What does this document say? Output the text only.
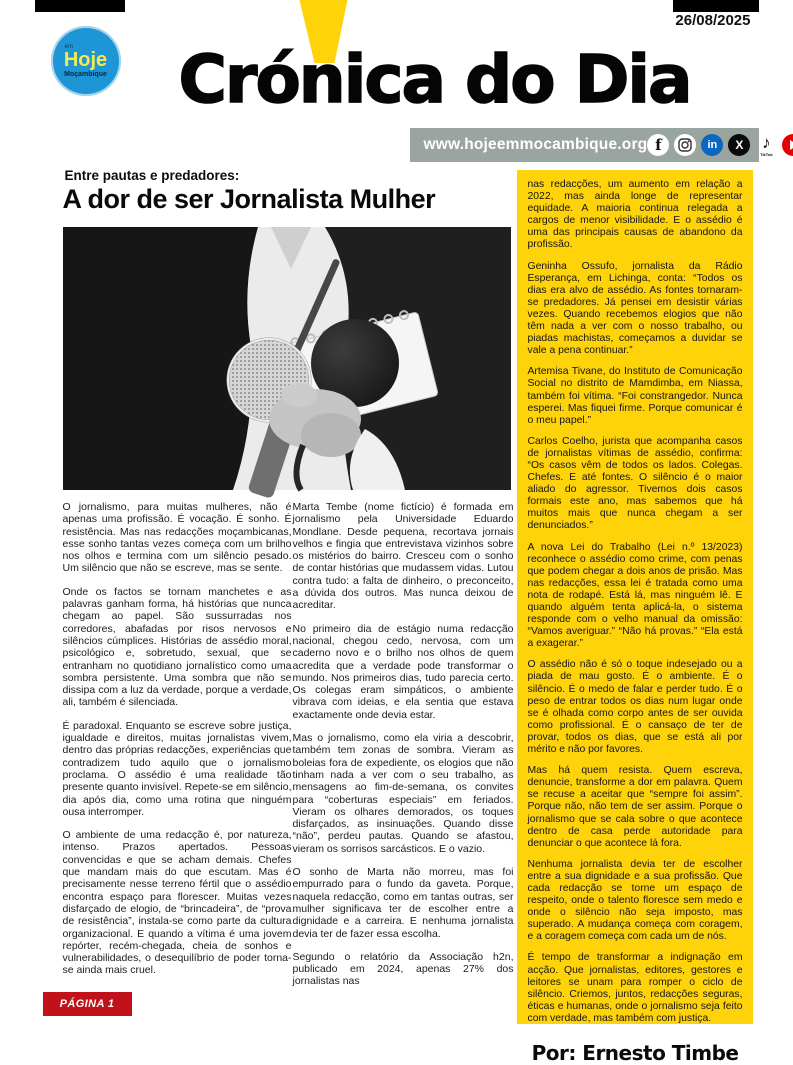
em
Hoje
Moçambique
26/08/2025
Crónica do Dia
www.hojeemmocambique.org f	in	X	♪
TikTok
Entre pautas e predadores:
A dor de ser Jornalista Mulher

O jornalismo, para muitas mulheres, não é apenas uma profissão. É vocação. É sonho. É resistência. Mas nas redacções moçambicanas, esse sonho tantas vezes começa com um brilho nos olhos e termina com um silêncio pesado. Um silêncio que não se escreve, mas se sente.

Onde os factos se tornam manchetes e as palavras ganham forma, há histórias que nunca chegam ao papel. São sussurradas nos corredores, abafadas por risos nervosos e silêncios cúmplices. Histórias de assédio moral, psicológico e, sobretudo, sexual, que se entranham no quotidiano jornalístico como uma sombra persistente. Uma sombra que não se dissipa com a luz da verdade, porque a verdade, ali, também é silenciada.

É paradoxal. Enquanto se escreve sobre justiça, igualdade e direitos, muitas jornalistas vivem, dentro das próprias redacções, experiências que contradizem tudo aquilo que o jornalismo proclama. O assédio é uma realidade tão presente quanto invisível. Repete-se em silêncio, dia após dia, como uma rotina que ninguém ousa interromper.

O ambiente de uma redacção é, por natureza, intenso. Prazos apertados. Pessoas convencidas e que se acham demais. Chefes que mandam mais do que escutam. Mas é precisamente nesse terreno fértil que o assédio encontra espaço para florescer. Muitas vezes disfarçado de elogio, de “brincadeira”, de “prova de resistência”, instala-se como parte da cultura organizacional. E quando a vítima é uma jovem repórter, recém-chegada, cheia de sonhos e vulnerabilidades, o desequilíbrio de poder torna-se ainda mais cruel.

Marta Tembe (nome fictício) é formada em jornalismo pela Universidade Eduardo Mondlane. Desde pequena, recortava jornais velhos e fingia que entrevistava vizinhos sobre os mistérios do bairro. Cresceu com o sonho de contar histórias que mudassem vidas. Lutou contra tudo: a falta de dinheiro, o preconceito, a dúvida dos outros. Mas nunca deixou de acreditar.

No primeiro dia de estágio numa redacção nacional, chegou cedo, nervosa, com um caderno novo e o brilho nos olhos de quem acredita que a verdade pode transformar o mundo. Nos primeiros dias, tudo parecia certo. Os colegas eram simpáticos, o ambiente vibrava com ideias, e ela sentia que estava exactamente onde devia estar.

Mas o jornalismo, como ela viria a descobrir, também tem zonas de sombra. Vieram as boleias fora de expediente, os elogios que não tinham nada a ver com o seu trabalho, as mensagens ao fim-de-semana, os convites para “coberturas especiais” em feriados. Vieram os olhares demorados, os toques disfarçados, as insinuações. Quando disse “não”, perdeu pautas. Quando se afastou, vieram os sorrisos sarcásticos. E o vazio.

O sonho de Marta não morreu, mas foi empurrado para o fundo da gaveta. Porque, naquela redacção, como em tantas outras, ser mulher significava ter de escolher entre a dignidade e a carreira. E nenhuma jornalista devia ter de fazer essa escolha.

Segundo o relatório da Associação h2n, publicado em 2024, apenas 27% dos jornalistas nas

nas redacções, um aumento em relação a 2022, mas ainda longe de representar equidade. A maioria continua relegada a cargos de menor visibilidade. E o assédio é uma das principais causas de abandono da profissão.

Geninha Ossufo, jornalista da Rádio Esperança, em Lichinga, conta: “Todos os dias era alvo de assédio. As fontes tornaram-se predadores. Já pensei em desistir várias vezes. Quando recebemos elogios que não têm nada a ver com o nosso trabalho, ou piadas machistas, começamos a duvidar se vale a pena continuar.”

Artemisa Tivane, do Instituto de Comunicação Social no distrito de Mamdimba, em Niassa, também foi vítima. “Foi constrangedor. Nunca esperei. Mas fiquei firme. Porque comunicar é o meu papel.”

Carlos Coelho, jurista que acompanha casos de jornalistas vítimas de assédio, confirma: “Os casos vêm de todos os lados. Colegas. Chefes. E até fontes. O silêncio é o maior aliado do agressor. Tivemos dois casos formais este ano, mas sabemos que há muitos mais que nunca chegam a ser denunciados.”

A nova Lei do Trabalho (Lei n.º 13/2023) reconhece o assédio como crime, com penas que podem chegar a dois anos de prisão. Mas nas redacções, essa lei é tratada como uma nota de rodapé. Está lá, mas ninguém lê. E quando alguém tenta aplicá-la, o sistema responde com o velho manual da omissão: “Vamos averiguar.” “Não há provas.” “Ela está a exagerar.”

O assédio não é só o toque indesejado ou a piada de mau gosto. É o ambiente. É o silêncio. É o medo de falar e perder tudo. É o peso de entrar todos os dias num lugar onde se é olhada como corpo antes de ser ouvida como profissional. É o cansaço de ter de provar, todos os dias, que se está ali por mérito e não por favores.

Mas há quem resista. Quem escreva, denuncie, transforme a dor em palavra. Quem se recuse a aceitar que “sempre foi assim”. Porque não, não tem de ser assim. Porque o jornalismo que se cala sobre o que acontece dentro de casa perde autoridade para denunciar o que acontece lá fora.

Nenhuma jornalista devia ter de escolher entre a sua dignidade e a sua profissão. Que cada redacção se torne um espaço de respeito, onde o talento floresce sem medo e onde o silêncio não seja imposto, mas superado. A mudança começa com coragem, e a coragem começa com cada um de nós.

É tempo de transformar a indignação em acção. Que jornalistas, editores, gestores e leitores se unam para romper o ciclo de silêncio. Criemos, juntos, redacções seguras, éticas e humanas, onde o jornalismo seja feito com verdade, mas também com justiça.

Por: Ernesto Timbe
PÁGINA 1
